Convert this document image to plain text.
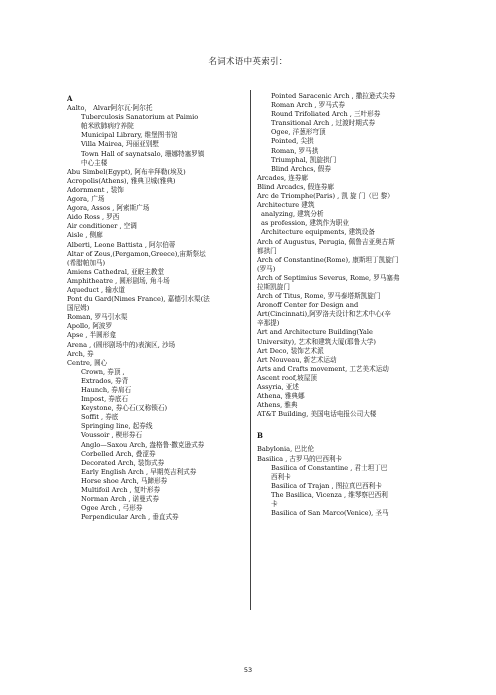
名词术语中英索引：
A
Aalto， Alvar阿尔瓦·阿尔托
Tuberculosis Sanatorium at Paimio
帕米欧肺病疗养院
Municipal Library, 维堡图书馆
Villa Mairea, 玛丽亚别墅
Town Hall of saynatsalo, 珊娜特塞罗镇
中心主楼
Abu Simbel(Egypt), 阿布辛拜勒(埃及)
Acropolis(Athens), 雅典卫城(雅典)
Adornment , 装饰
Agora, 广场
Agora, Assos , 阿索斯广场
Aido Ross , 罗西
Air conditioner , 空调
Aisle , 侧廊
Alberti, Leone Battista , 阿尔伯蒂
Altar of Zeus,(Pergamon,Greece),宙斯祭坛
(希腊帕加马)
Amiens Cathedral, 亚眠主教堂
Amphitheatre , 圆形剧场, 角斗场
Aqueduct , 输水道
Pont du Gard(Nimes France), 嘉德引水渠(法
国尼姆)
Roman, 罗马引水渠
Apollo, 阿波罗
Apse , 半圆形龛
Arena , (圆形剧场中的)表演区, 沙场
Arch, 券
Centre, 圆心
Crown, 券顶 ,
Extrados, 券背
Haunch, 券肩石
Impost, 券底石
Keystone, 券心石(又称锁石)
Soffit , 券底
Springing line, 起券线
Voussoir , 楔形券石
Anglo—Saxou Arch, 盎格鲁·撒克逊式券
Corbelled Arch, 叠涩券
Decorated Arch, 装饰式券
Early English Arch , 早期英吉利式券
Horse shoe Arch, 马蹄形券
Multifoil Arch , 复叶形券
Norman Arch , 诺曼式券
Ogee Arch , 弓形券
Perpendicular Arch , 垂直式券
Pointed Saracenic Arch , 撒拉逊式尖券
Roman Arch , 罗马式券
Round Trifoliated Arch , 三叶形券
Transitional Arch , 过渡时期式券
Ogee, 洋葱形穹顶
Pointed, 尖拱
Roman, 罗马拱
Triumphal, 凯旋拱门
Blind Archcs, 假券
Arcades, 连券廊
Blind Arcadcs, 假连券廊
Arc de Triomphe(Paris) , 凯 旋 门（巴 黎）
Architecture 建筑
analyzing, 建筑分析
as profession, 建筑作为职业
Architecture equipments, 建筑设备
Arch of Augustus, Perugia, 佩鲁吉亚奥古斯
都拱门
Arch of Constantine(Rome), 康斯坦丁凯旋门
(罗马)
Arch of Septimius Severus, Rome, 罗马塞弗
拉斯凯旋门
Arch of Titus, Rome, 罗马泰塔斯凯旋门
Aronoff Center for Design and
Art(Cincinnati),阿罗洛夫设计和艺术中心(辛
辛那提)
Art and Architecture Building(Yale
University), 艺术和建筑大厦(耶鲁大学)
Art Deco, 装饰艺术派
Art Nouveau, 新艺术运动
Arts and Crafts movement, 工艺美术运动
Ascent roof,坡屋顶
Assyria, 亚述
Athena, 雅典娜
Athens, 雅典
AT&T Building, 美国电话电报公司大楼
B
Babylonia, 巴比伦
Basilica , 古罗马的巴西利卡
Basilica of Constantine , 君士坦丁巴
西利卡
Basilica of Trajan , 图拉真巴西利卡
The Basilica, Vicenza , 维琴察巴西利
卡
Basilica of San Marco(Venice), 圣马
53
